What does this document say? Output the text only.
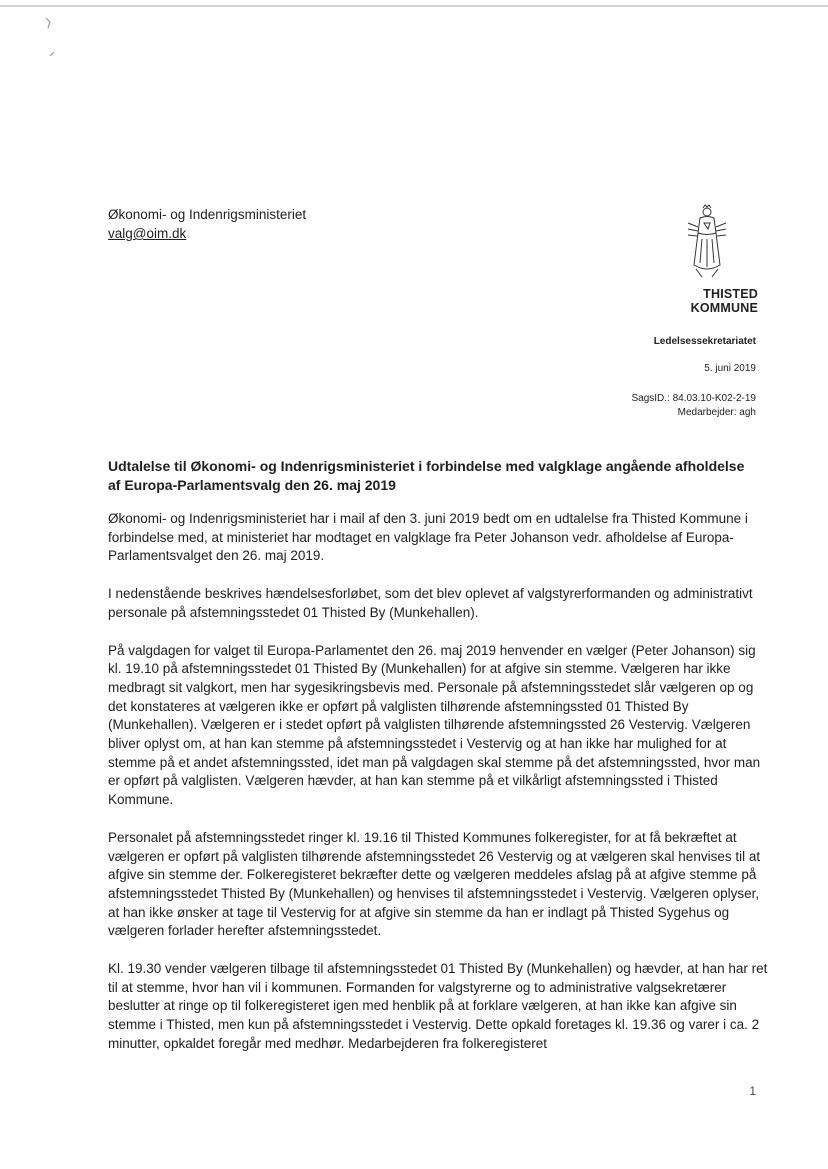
Økonomi- og Indenrigsministeriet
valg@oim.dk
THISTED KOMMUNE
Ledelsessekretariatet
5. juni 2019
SagsID.: 84.03.10-K02-2-19
Medarbejder: agh
Udtalelse til Økonomi- og Indenrigsministeriet i forbindelse med valgklage angående afholdelse af Europa-Parlamentsvalg den 26. maj 2019

Økonomi- og Indenrigsministeriet har i mail af den 3. juni 2019 bedt om en udtalelse fra Thisted Kommune i forbindelse med, at ministeriet har modtaget en valgklage fra Peter Johanson vedr. afholdelse af Europa-Parlamentsvalget den 26. maj 2019.

I nedenstående beskrives hændelsesforløbet, som det blev oplevet af valgstyrerformanden og administrativt personale på afstemningsstedet 01 Thisted By (Munkehallen).

På valgdagen for valget til Europa-Parlamentet den 26. maj 2019 henvender en vælger (Peter Johanson) sig kl. 19.10 på afstemningsstedet 01 Thisted By (Munkehallen) for at afgive sin stemme. Vælgeren har ikke medbragt sit valgkort, men har sygesikringsbevis med. Personale på afstemningsstedet slår vælgeren op og det konstateres at vælgeren ikke er opført på valglisten tilhørende afstemningssted 01 Thisted By (Munkehallen). Vælgeren er i stedet opført på valglisten tilhørende afstemningssted 26 Vestervig. Vælgeren bliver oplyst om, at han kan stemme på afstemningsstedet i Vestervig og at han ikke har mulighed for at stemme på et andet afstemningssted, idet man på valgdagen skal stemme på det afstemningssted, hvor man er opført på valglisten. Vælgeren hævder, at han kan stemme på et vilkårligt afstemningssted i Thisted Kommune.

Personalet på afstemningsstedet ringer kl. 19.16 til Thisted Kommunes folkeregister, for at få bekræftet at vælgeren er opført på valglisten tilhørende afstemningsstedet 26 Vestervig og at vælgeren skal henvises til at afgive sin stemme der. Folkeregisteret bekræfter dette og vælgeren meddeles afslag på at afgive stemme på afstemningsstedet Thisted By (Munkehallen) og henvises til afstemningsstedet i Vestervig. Vælgeren oplyser, at han ikke ønsker at tage til Vestervig for at afgive sin stemme da han er indlagt på Thisted Sygehus og vælgeren forlader herefter afstemningsstedet.

Kl. 19.30 vender vælgeren tilbage til afstemningsstedet 01 Thisted By (Munkehallen) og hævder, at han har ret til at stemme, hvor han vil i kommunen. Formanden for valgstyrerne og to administrative valgsekretærer beslutter at ringe op til folkeregisteret igen med henblik på at forklare vælgeren, at han ikke kan afgive sin stemme i Thisted, men kun på afstemningsstedet i Vestervig. Dette opkald foretages kl. 19.36 og varer i ca. 2 minutter, opkaldet foregår med medhør. Medarbejderen fra folkeregisteret

1
